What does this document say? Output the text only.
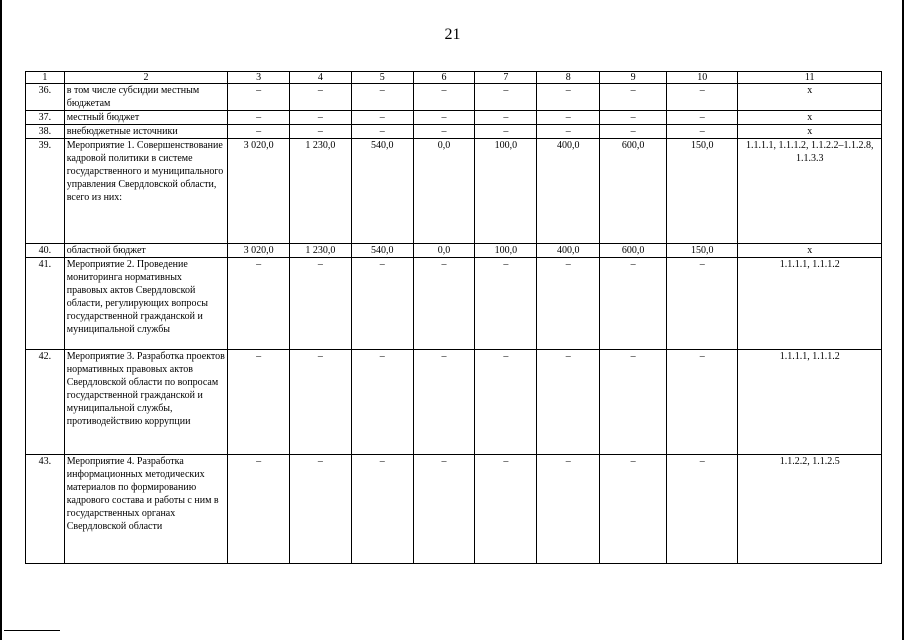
21
1	2	3	4	5	6	7	8	9	10	11
36.	в том числе субсидии местным бюджетам	–	–	–	–	–	–	–	–	х
37.	местный бюджет	–	–	–	–	–	–	–	–	х
38.	внебюджетные источники	–	–	–	–	–	–	–	–	х
39.	Мероприятие 1. Совершенствование кадровой политики в системе государственного и муниципального управления Свердловской области, всего из них:	3 020,0	1 230,0	540,0	0,0	100,0	400,0	600,0	150,0	1.1.1.1, 1.1.1.2, 1.1.2.2–1.1.2.8, 1.1.3.3
40.	областной бюджет	3 020,0	1 230,0	540,0	0,0	100,0	400,0	600,0	150,0	х
41.	Мероприятие 2. Проведение мониторинга нормативных правовых актов Свердловской области, регулирующих вопросы государственной гражданской и муниципальной службы	–	–	–	–	–	–	–	–	1.1.1.1, 1.1.1.2
42.	Мероприятие 3. Разработка проектов нормативных правовых актов Свердловской области по вопросам государственной гражданской и муниципальной службы, противодействию коррупции	–	–	–	–	–	–	–	–	1.1.1.1, 1.1.1.2
43.	Мероприятие 4. Разработка информационных методических материалов по формированию кадрового состава и работы с ним в государственных органах Свердловской области	–	–	–	–	–	–	–	–	1.1.2.2, 1.1.2.5
